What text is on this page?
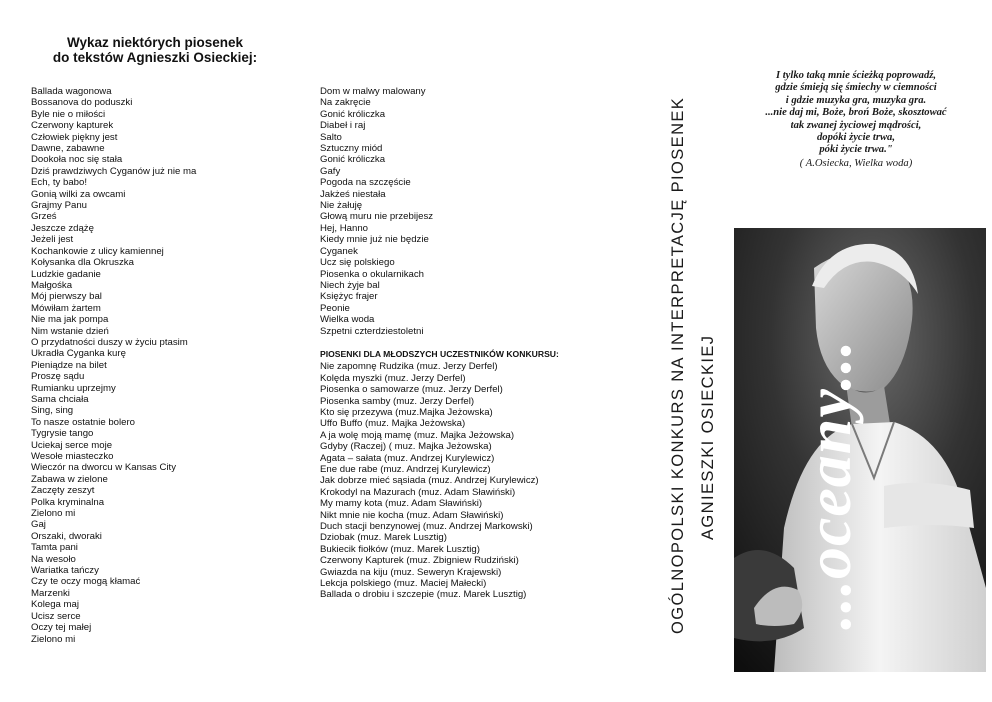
Wykaz niektórych piosenek
do tekstów Agnieszki Osieckiej:
Ballada wagonowa
Bossanova do poduszki
Byle nie o miłości
Czerwony kapturek
Człowiek piękny jest
Dawne, zabawne
Dookoła noc się stała
Dziś prawdziwych Cyganów już nie ma
Ech, ty babo!
Gonią wilki za owcami
Grajmy Panu
Grześ
Jeszcze zdążę
Jeżeli jest
Kochankowie z ulicy kamiennej
Kołysanka dla Okruszka
Ludzkie gadanie
Małgośka
Mój pierwszy bal
Mówiłam żartem
Nie ma jak pompa
Nim wstanie dzień
O przydatności duszy w życiu ptasim
Ukradła Cyganka kurę
Pieniądze na bilet
Proszę sądu
Rumianku uprzejmy
Sama chciała
Sing, sing
To nasze ostatnie bolero
Tygrysie tango
Uciekaj serce moje
Wesołe miasteczko
Wieczór na dworcu w Kansas City
Zabawa w zielone
Zaczęty zeszyt
Polka kryminalna
Zielono mi
Gaj
Orszaki, dworaki
Tamta pani
Na wesoło
Wariatka tańczy
Czy te oczy mogą kłamać
Marzenki
Kolega maj
Ucisz serce
Oczy tej małej
Zielono mi
Dom w malwy malowany
Na zakręcie
Gonić króliczka
Diabeł i raj
Salto
Sztuczny miód
Gonić króliczka
Gafy
Pogoda na szczęście
Jakżeś niestała
Nie żałuję
Głową muru nie przebijesz
Hej, Hanno
Kiedy mnie już nie będzie
Cyganek
Ucz się polskiego
Piosenka o okularnikach
Niech żyje bal
Księżyc frajer
Peonie
Wielka woda
Szpetni czterdziestoletni
PIOSENKI DLA MŁODSZYCH UCZESTNIKÓW KONKURSU:
Nie zapomnę Rudzika (muz. Jerzy Derfel)
Kolęda myszki (muz. Jerzy Derfel)
Piosenka o samowarze (muz. Jerzy Derfel)
Piosenka samby (muz. Jerzy Derfel)
Kto się przezywa (muz.Majka Jeżowska)
Uffo Buffo (muz. Majka Jeżowska)
A ja wolę moją mamę (muz. Majka Jeżowska)
Gdyby (Raczej) ( muz. Majka Jeżowska)
Agata – sałata (muz. Andrzej Kurylewicz)
Ene due rabe (muz. Andrzej Kurylewicz)
Jak dobrze mieć sąsiada (muz. Andrzej Kurylewicz)
Krokodyl na Mazurach (muz. Adam Sławiński)
My mamy kota (muz. Adam Sławiński)
Nikt mnie nie kocha (muz. Adam Sławiński)
Duch stacji benzynowej (muz. Andrzej Markowski)
Dziobak (muz. Marek Lusztig)
Bukiecik fiołków (muz. Marek Lusztig)
Czerwony Kapturek (muz. Zbigniew Rudziński)
Gwiazda na kiju (muz. Seweryn Krajewski)
Lekcja polskiego (muz. Maciej Małecki)
Ballada o drobiu i szczepie (muz. Marek Lusztig)	OGÓLNOPOLSKI KONKURS NA INTERPRETACJĘ PIOSENEK AGNIESZKI OSIECKIEJ
I tylko taką mnie ścieżką poprowadź,
gdzie śmieją się śmiechy w ciemności
i gdzie muzyka gra, muzyka gra.
...nie daj mi, Boże, broń Boże, skosztować
tak zwanej życiowej mądrości,
dopóki życie trwa,
póki życie trwa."
( A.Osiecka, Wielka woda)
...oceany...
